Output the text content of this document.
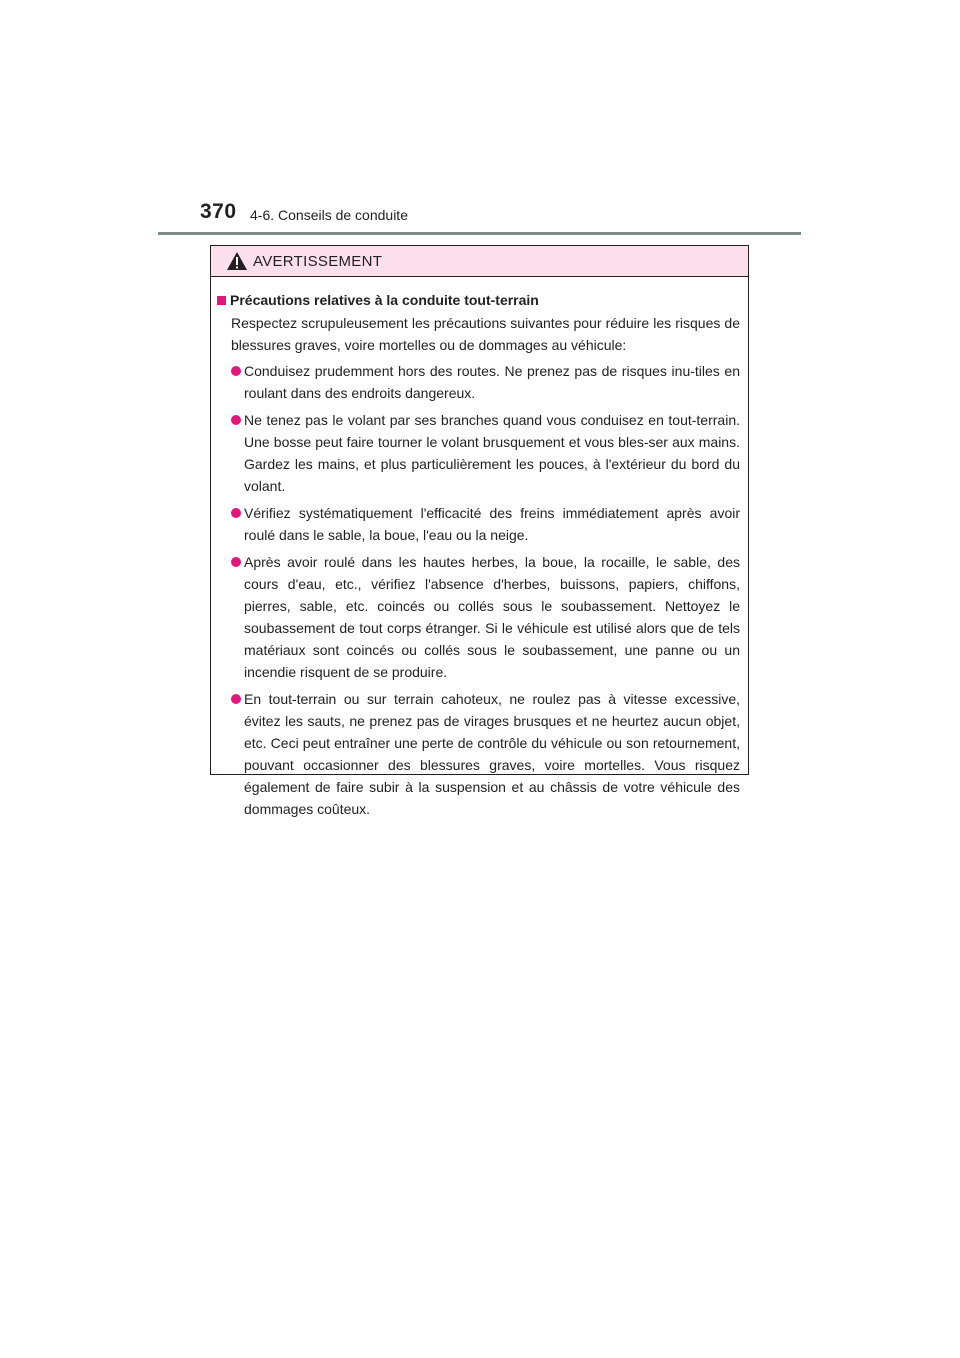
370 4-6. Conseils de conduite
AVERTISSEMENT
Précautions relatives à la conduite tout-terrain

Respectez scrupuleusement les précautions suivantes pour réduire les risques de blessures graves, voire mortelles ou de dommages au véhicule:

Conduisez prudemment hors des routes. Ne prenez pas de risques inu-tiles en roulant dans des endroits dangereux.
Ne tenez pas le volant par ses branches quand vous conduisez en tout-terrain. Une bosse peut faire tourner le volant brusquement et vous bles-ser aux mains. Gardez les mains, et plus particulièrement les pouces, à l'extérieur du bord du volant.
Vérifiez systématiquement l'efficacité des freins immédiatement après avoir roulé dans le sable, la boue, l'eau ou la neige.
Après avoir roulé dans les hautes herbes, la boue, la rocaille, le sable, des cours d'eau, etc., vérifiez l'absence d'herbes, buissons, papiers, chiffons, pierres, sable, etc. coincés ou collés sous le soubassement. Nettoyez le soubassement de tout corps étranger. Si le véhicule est utilisé alors que de tels matériaux sont coincés ou collés sous le soubassement, une panne ou un incendie risquent de se produire.
En tout-terrain ou sur terrain cahoteux, ne roulez pas à vitesse excessive, évitez les sauts, ne prenez pas de virages brusques et ne heurtez aucun objet, etc. Ceci peut entraîner une perte de contrôle du véhicule ou son retournement, pouvant occasionner des blessures graves, voire mortelles. Vous risquez également de faire subir à la suspension et au châssis de votre véhicule des dommages coûteux.
